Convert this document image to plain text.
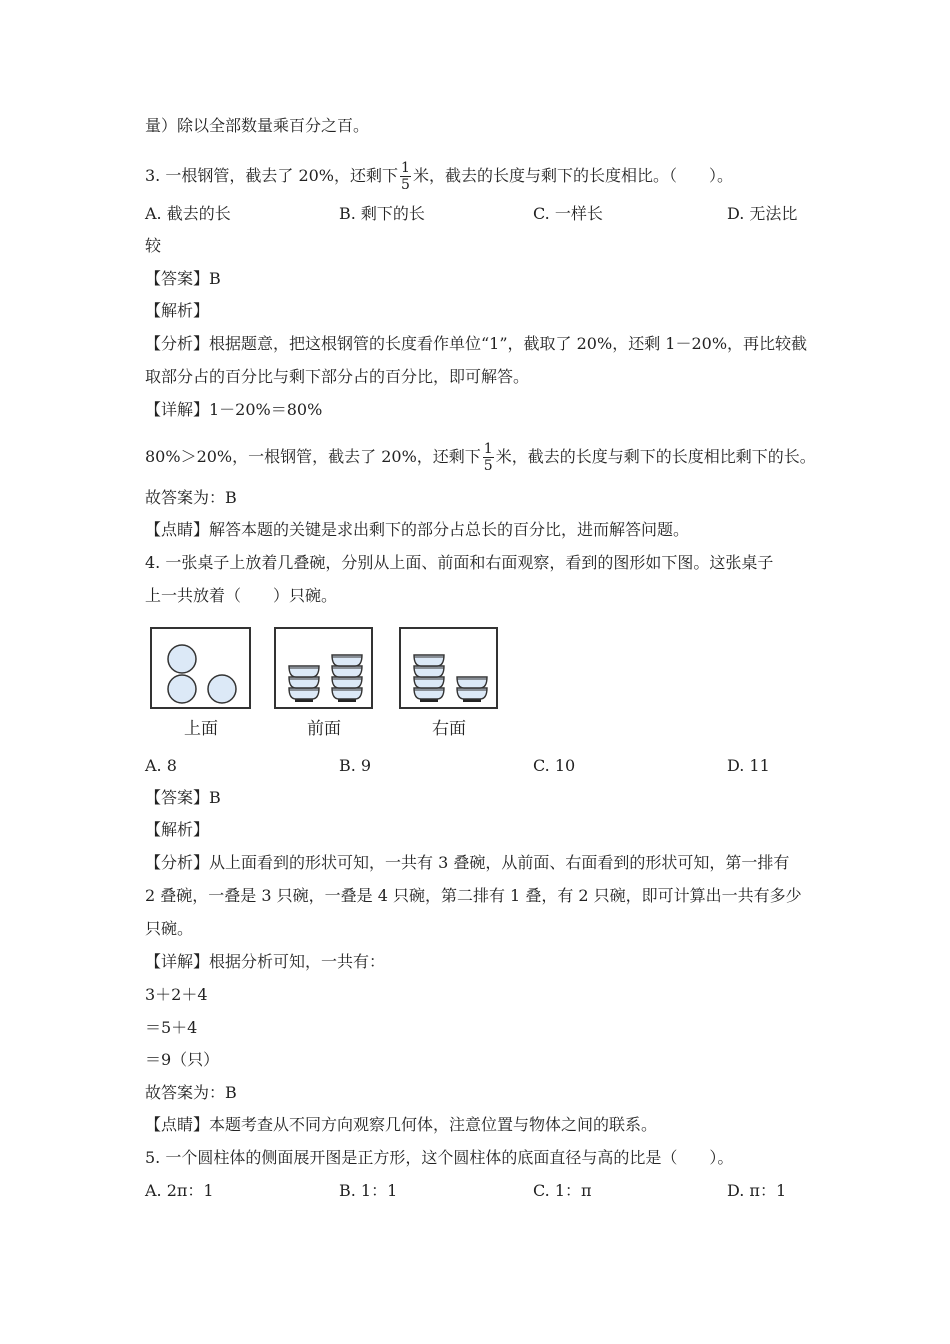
量）除以全部数量乘百分之百。
3. 一根钢管，截去了 20%，还剩下 $\frac{1}{5}$ 米，截去的长度与剩下的长度相比。（　　）。
A. 截去的长	B. 剩下的长	C. 一样长	D. 无法比
较
【答案】B
【解析】
【分析】根据题意，把这根钢管的长度看作单位“1”，截取了 20%，还剩 1－20%，再比较截
取部分占的百分比与剩下部分占的百分比，即可解答。
【详解】1－20%＝80%
80%＞20%，一根钢管，截去了 20%，还剩下 $\frac{1}{5}$ 米，截去的长度与剩下的长度相比剩下的长。
故答案为：B
【点睛】解答本题的关键是求出剩下的部分占总长的百分比，进而解答问题。
4. 一张桌子上放着几叠碗，分别从上面、前面和右面观察，看到的图形如下图。这张桌子
上一共放着（　　）只碗。
上面	前面	右面
A. 8	B. 9	C. 10	D. 11
【答案】B
【解析】
【分析】从上面看到的形状可知，一共有 3 叠碗，从前面、右面看到的形状可知，第一排有
2 叠碗，一叠是 3 只碗，一叠是 4 只碗，第二排有 1 叠，有 2 只碗，即可计算出一共有多少
只碗。
【详解】根据分析可知，一共有：
3＋2＋4
＝5＋4
＝9（只）
故答案为：B
【点睛】本题考查从不同方向观察几何体，注意位置与物体之间的联系。
5. 一个圆柱体的侧面展开图是正方形，这个圆柱体的底面直径与高的比是（　　）。
A. 2π：1	B. 1：1	C. 1：π	D. π：1
